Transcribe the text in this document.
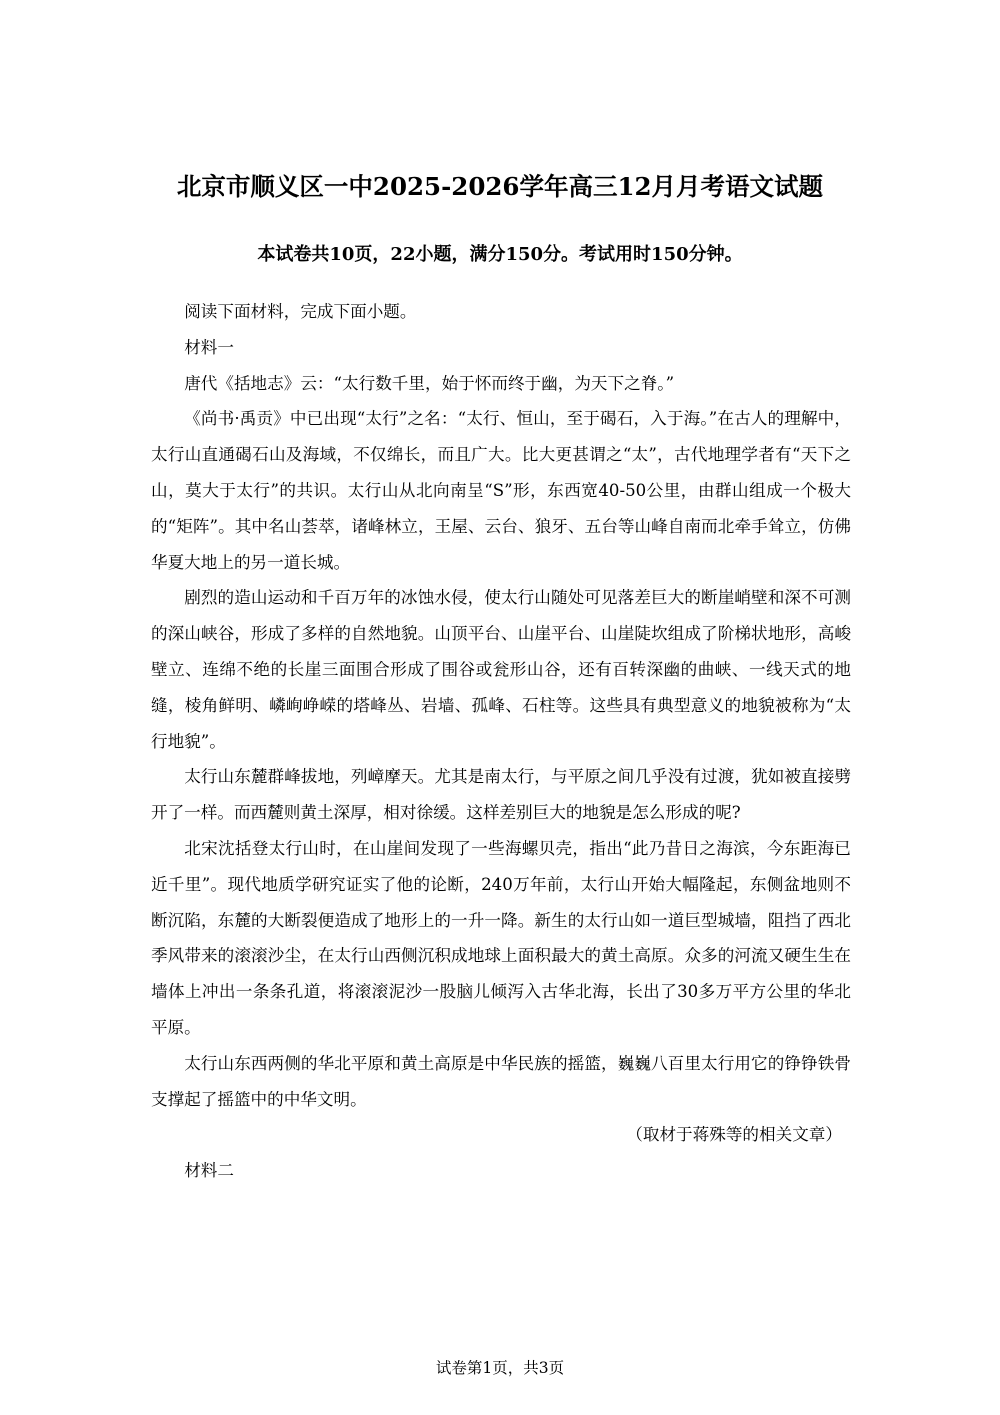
北京市顺义区一中2025-2026学年高三12月月考语文试题
本试卷共10页，22小题，满分150分。考试用时150分钟。

阅读下面材料，完成下面小题。

材料一

唐代《括地志》云：“太行数千里，始于怀而终于幽，为天下之脊。”

《尚书·禹贡》中已出现“太行”之名：“太行、恒山，至于碣石，入于海。”在古人的理解中，太行山直通碣石山及海域，不仅绵长，而且广大。比大更甚谓之“太”，古代地理学者有“天下之山，莫大于太行”的共识。太行山从北向南呈“S”形，东西宽40-50公里，由群山组成一个极大的“矩阵”。其中名山荟萃，诸峰林立，王屋、云台、狼牙、五台等山峰自南而北牵手耸立，仿佛华夏大地上的另一道长城。

剧烈的造山运动和千百万年的冰蚀水侵，使太行山随处可见落差巨大的断崖峭壁和深不可测的深山峡谷，形成了多样的自然地貌。山顶平台、山崖平台、山崖陡坎组成了阶梯状地形，高峻壁立、连绵不绝的长崖三面围合形成了围谷或瓮形山谷，还有百转深幽的曲峡、一线天式的地缝，棱角鲜明、嶙峋峥嵘的塔峰丛、岩墙、孤峰、石柱等。这些具有典型意义的地貌被称为“太行地貌”。

太行山东麓群峰拔地，列嶂摩天。尤其是南太行，与平原之间几乎没有过渡，犹如被直接劈开了一样。而西麓则黄土深厚，相对徐缓。这样差别巨大的地貌是怎么形成的呢?

北宋沈括登太行山时，在山崖间发现了一些海螺贝壳，指出“此乃昔日之海滨，今东距海已近千里”。现代地质学研究证实了他的论断，240万年前，太行山开始大幅隆起，东侧盆地则不断沉陷，东麓的大断裂便造成了地形上的一升一降。新生的太行山如一道巨型城墙，阻挡了西北季风带来的滚滚沙尘，在太行山西侧沉积成地球上面积最大的黄土高原。众多的河流又硬生生在墙体上冲出一条条孔道，将滚滚泥沙一股脑儿倾泻入古华北海，长出了30多万平方公里的华北平原。

太行山东西两侧的华北平原和黄土高原是中华民族的摇篮，巍巍八百里太行用它的铮铮铁骨支撑起了摇篮中的中华文明。

（取材于蒋殊等的相关文章）

材料二

试卷第1页，共3页
